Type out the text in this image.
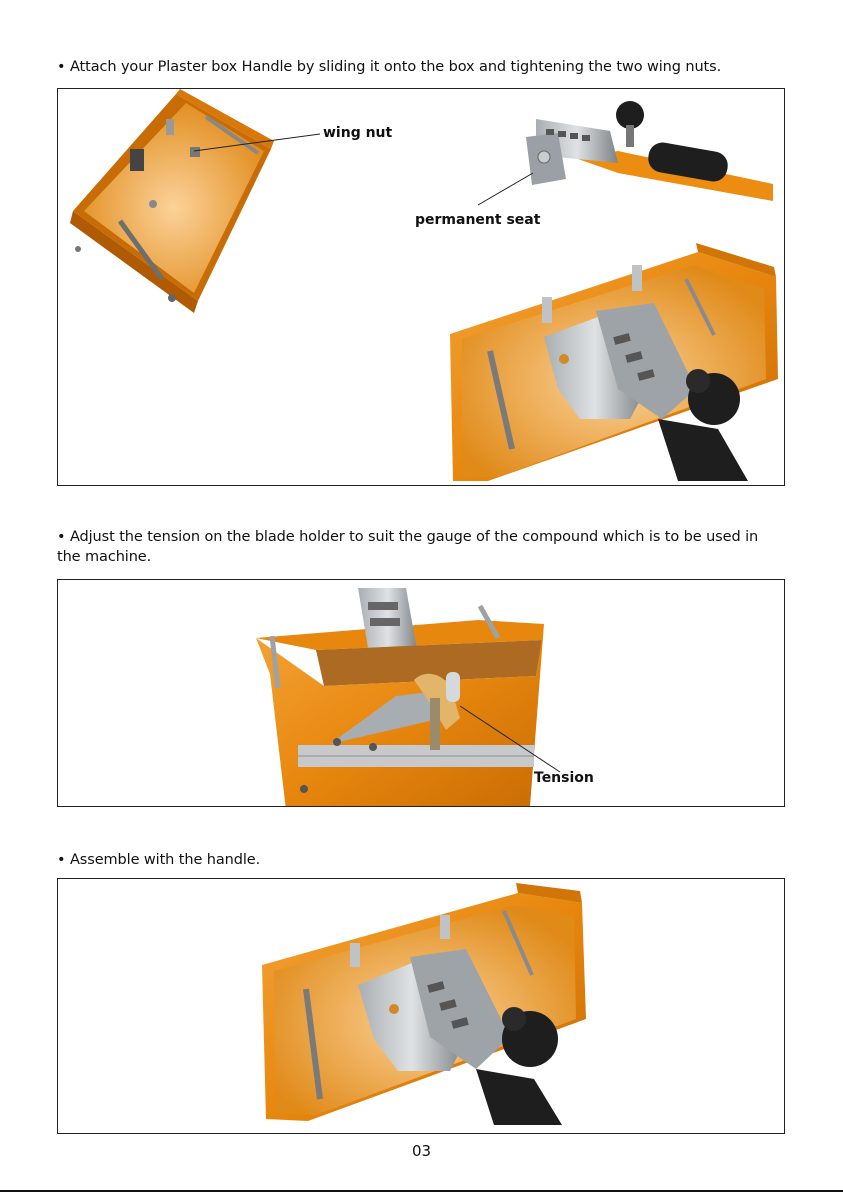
• Attach your Plaster box Handle by sliding it onto the box and tightening the two wing nuts.
wing nut
permanent seat
• Adjust the tension on the blade holder to suit the gauge of the compound which is to be used in the machine.
Tension
• Assemble with the handle.
03
